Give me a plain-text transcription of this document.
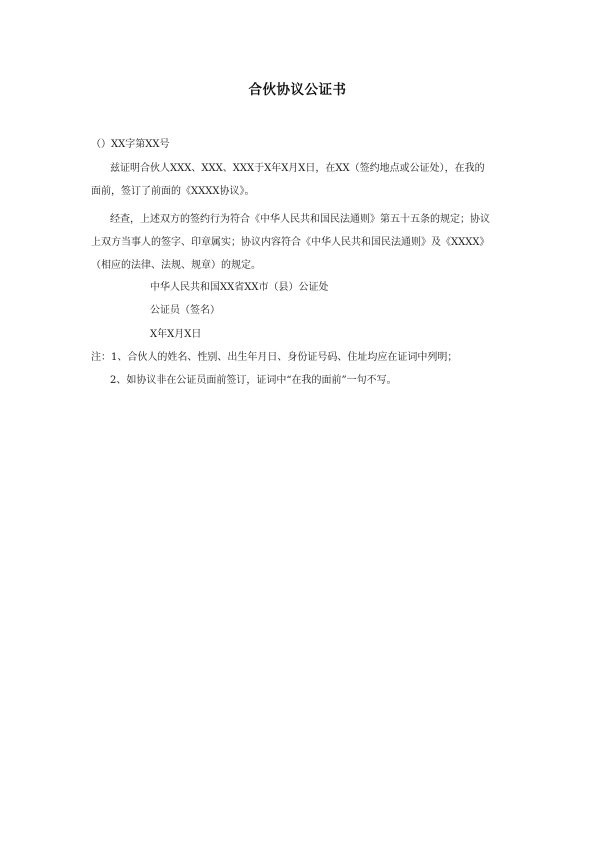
合伙协议公证书
（）XX字第XX号
兹证明合伙人XXX、XXX、XXX于X年X月X日，在XX（签约地点或公证处），在我的
面前，签订了前面的《XXXX协议》。
经查，上述双方的签约行为符合《中华人民共和国民法通则》第五十五条的规定；协议
上双方当事人的签字、印章属实；协议内容符合《中华人民共和国民法通则》及《XXXX》
（相应的法律、法规、规章）的规定。
中华人民共和国XX省XX市（县）公证处
公证员（签名）
X年X月X日
注：1、合伙人的姓名、性别、出生年月日、身份证号码、住址均应在证词中列明；
2、如协议非在公证员面前签订，证词中“在我的面前”一句不写。
